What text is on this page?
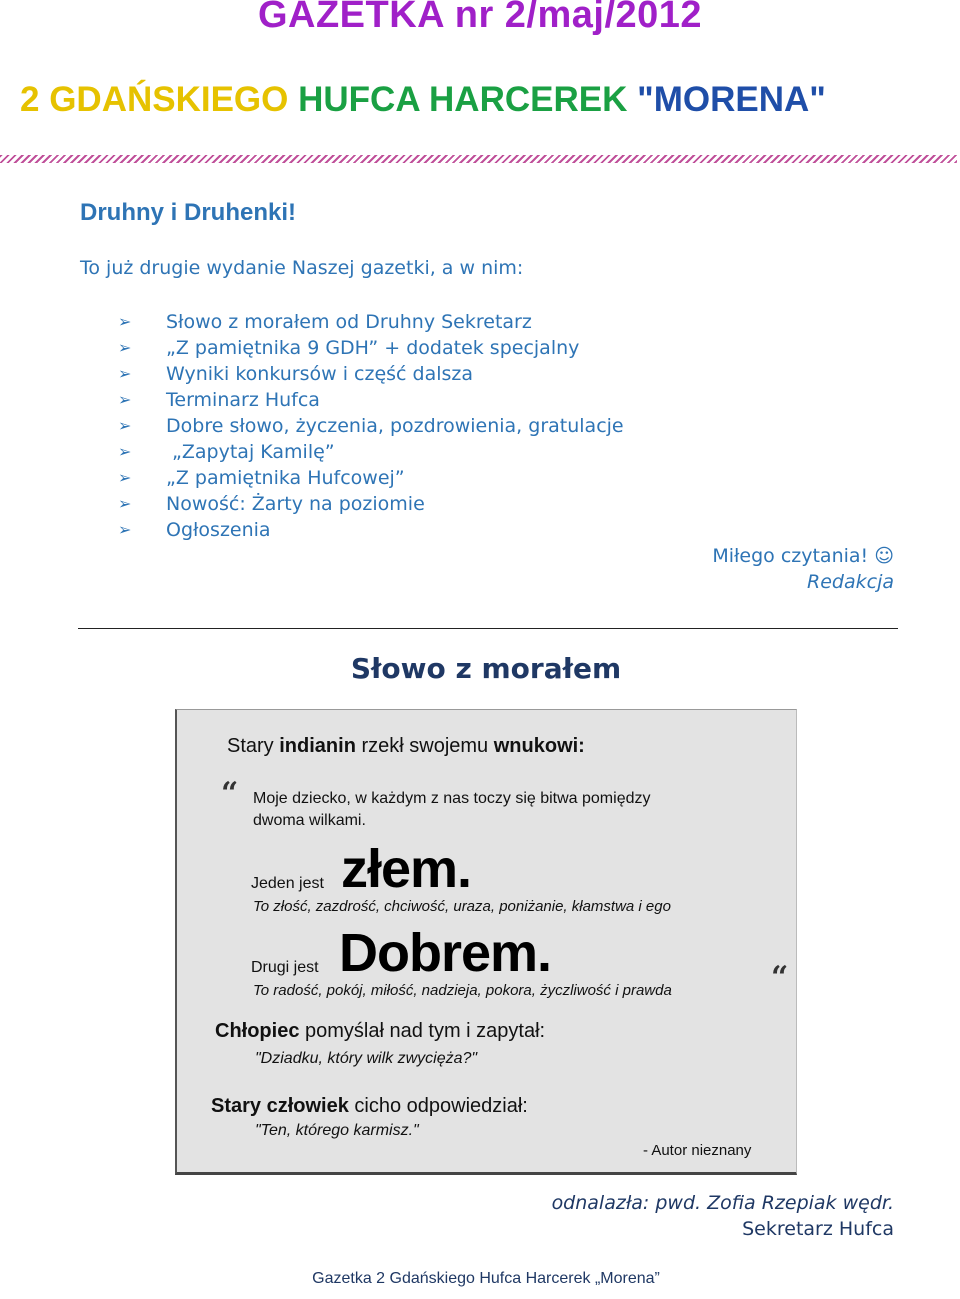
GAZETKA nr 2/maj/2012
2 GDAŃSKIEGO HUFCA HARCEREK "MORENA"
Druhny i Druhenki!
To już drugie wydanie Naszej gazetki, a w nim:
➢ Słowo z morałem od Druhny Sekretarz
➢ „Z pamiętnika 9 GDH” + dodatek specjalny
➢ Wyniki konkursów i część dalsza
➢ Terminarz Hufca
➢ Dobre słowo, życzenia, pozdrowienia, gratulacje
➢ „Zapytaj Kamilę”
➢ „Z pamiętnika Hufcowej”
➢ Nowość: Żarty na poziomie
➢ Ogłoszenia
Miłego czytania! ☺
Redakcja
Słowo z morałem
Stary indianin rzekł swojemu wnukowi:
“ Moje dziecko, w każdym z nas toczy się bitwa pomiędzy
dwoma wilkami.
Jeden jest złem.
To złość, zazdrość, chciwość, uraza, poniżanie, kłamstwa i ego
Dobrem.
Drugi jest	“
To radość, pokój, miłość, nadzieja, pokora, życzliwość i prawda
Chłopiec pomyślał nad tym i zapytał:
"Dziadku, który wilk zwycięża?"
Stary człowiek cicho odpowiedział:
"Ten, którego karmisz."
- Autor nieznany
odnalazła: pwd. Zofia Rzepiak wędr.
Sekretarz Hufca
Gazetka 2 Gdańskiego Hufca Harcerek „Morena”
